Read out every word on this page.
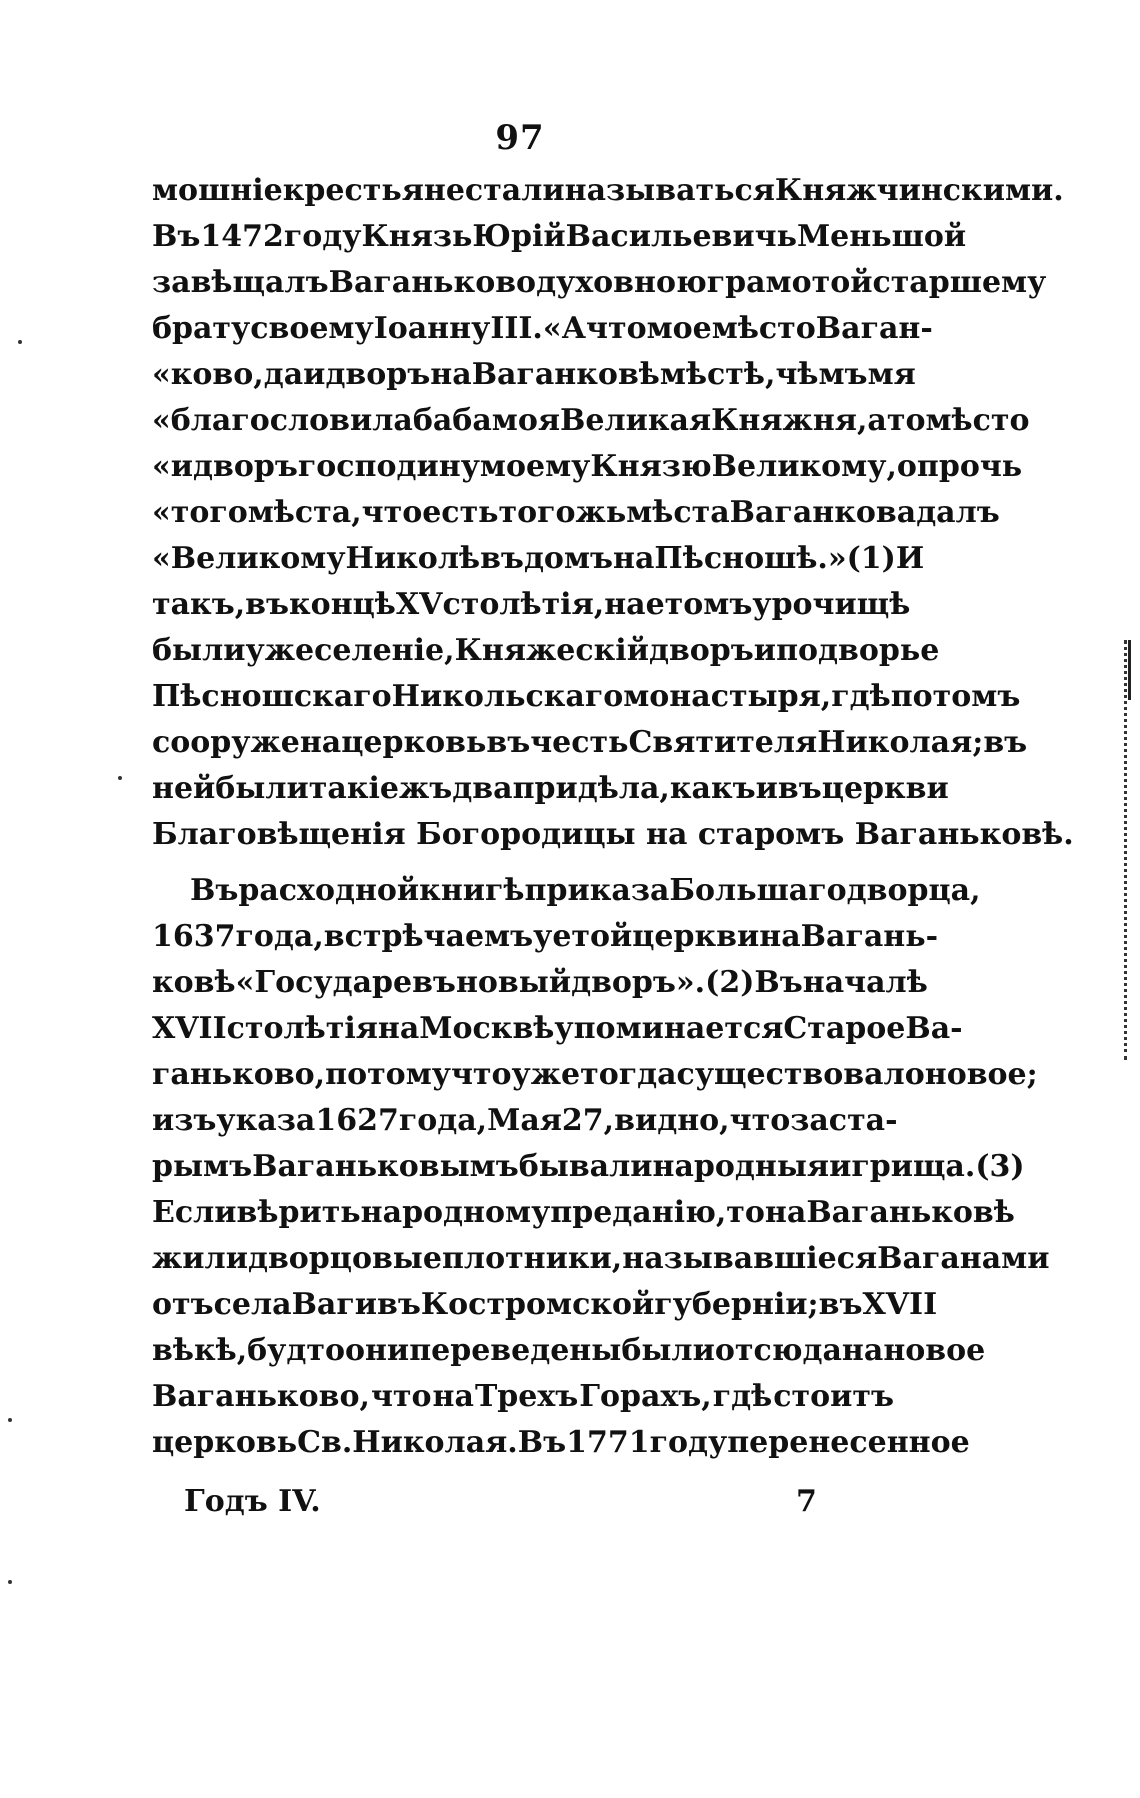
97
мошніе крестьяне стали называться Княжчинскими.
Въ 1472 году Князь Юрій Васильевичь Меньшой
завѣщалъ Ваганьково духовною грамотой старшему
брату своему Іоанну III. «А что мое мѣсто Ваган-
«ково, да и дворъ на Ваганковѣ мѣстѣ, чѣмъ мя
«благословила баба моя Великая Княжня, а то мѣсто
«и дворъ господину моему Князю Великому, опрочь
«того мѣста, что есть тогожь мѣста Ваганкова далъ
«Великому Николѣ въ домъ на Пѣсношѣ.» (1) И
такъ, въ концѣ XV столѣтія, на етомъ урочищѣ
были уже селеніе, Княжескій дворъ и подворье
Пѣсношскаго Никольскаго монастыря, гдѣ потомъ
сооружена церковь въ честь Святителя Николая; въ
ней были такіежъ два придѣла, какъ и въ церкви
Благовѣщенія
Богородицы
на
старомъ
Ваганьковѣ.

Въ расходной книгѣ приказа Большаго дворца,
1637 года, встрѣчаемъ у етой церкви на Вагань-
ковѣ «Государевъ новый дворъ». (2) Въ началѣ
XVII столѣтія на Москвѣ упоминается Старое Ва-
ганьково, потому что уже тогда существовало новое;
изъ указа 1627 года, Мая 27, видно, что за ста-
рымъ Ваганьковымъ бывали народныя игрища. (3)
Если вѣрить народному преданію, то на Ваганьковѣ
жили дворцовые плотники, называвшіеся Ваганами
отъ села Ваги въ Костромской губерніи; въ XVII
вѣкѣ, будто они переведены были отсюда на новое
Ваганьково, что на Трехъ Горахъ, гдѣ стоитъ
церковь Св. Николая. Въ 1771 году перенесенное
Годъ IV.	7
